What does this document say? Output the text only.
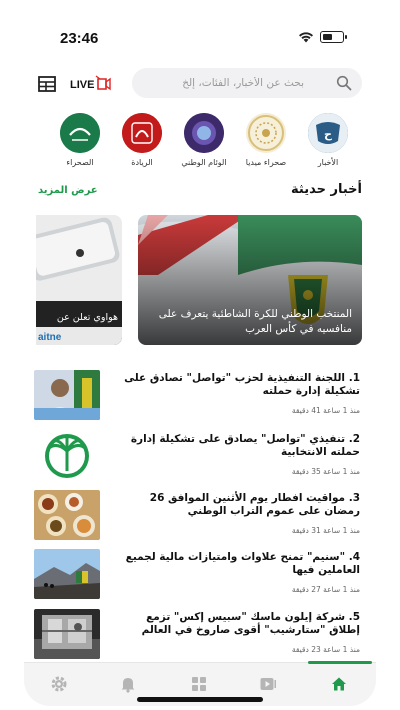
23:46
LIVE
بحث عن الأخبار، الفئات، إلخ
ح
الأخبار
صحراء ميديا
الوئام الوطني
الريادة
الصحراء
أخبار حديثة
عرض المزيد
aitne
هواوي تعلن عن	المنتخب الوطني للكرة الشاطئية يتعرف على منافسيه في كأس العرب
1. اللجنة التنفيذية لحزب "تواصل" تصادق على تشكيلة إدارة حملته
منذ 1 ساعة 41 دقيقة
2. تنفيذي "تواصل" يصادق على تشكيلة إدارة حملته الانتخابية
منذ 1 ساعة 35 دقيقة
3. مواقيت افطار يوم الأثنين الموافق 26 رمضان على عموم التراب الوطني
منذ 1 ساعة 31 دقيقة
4. "سنيم" تمنح علاوات وامتيازات مالية لجميع العاملين فيها
منذ 1 ساعة 27 دقيقة
5. شركة إيلون ماسك "سبيس إكس" تزمع إطلاق "ستارشيب" أقوى صاروخ في العالم
منذ 1 ساعة 23 دقيقة
